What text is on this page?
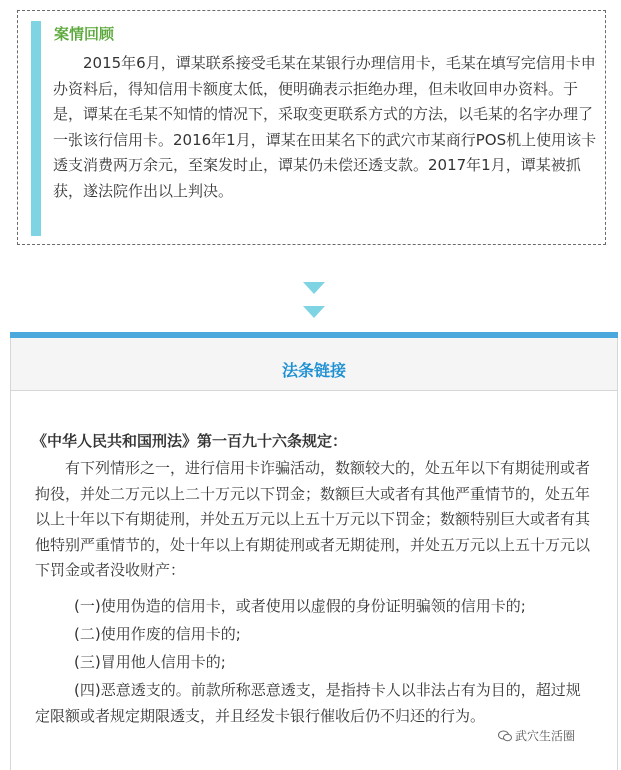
案情回顾

2015年6月，谭某联系接受毛某在某银行办理信用卡，毛某在填写完信用卡申办资料后，得知信用卡额度太低，便明确表示拒绝办理，但未收回申办资料。于是，谭某在毛某不知情的情况下，采取变更联系方式的方法，以毛某的名字办理了一张该行信用卡。2016年1月，谭某在田某名下的武穴市某商行POS机上使用该卡透支消费两万余元，至案发时止，谭某仍未偿还透支款。2017年1月，谭某被抓获，遂法院作出以上判决。

法条链接
《中华人民共和国刑法》第一百九十六条规定：

有下列情形之一，进行信用卡诈骗活动，数额较大的，处五年以下有期徒刑或者拘役，并处二万元以上二十万元以下罚金；数额巨大或者有其他严重情节的，处五年以上十年以下有期徒刑，并处五万元以上五十万元以下罚金；数额特别巨大或者有其他特别严重情节的，处十年以上有期徒刑或者无期徒刑，并处五万元以上五十万元以下罚金或者没收财产：

(一)使用伪造的信用卡，或者使用以虚假的身份证明骗领的信用卡的;
(二)使用作废的信用卡的;
(三)冒用他人信用卡的;

(四)恶意透支的。前款所称恶意透支，是指持卡人以非法占有为目的，超过规定限额或者规定期限透支，并且经发卡银行催收后仍不归还的行为。

武穴生活圈
